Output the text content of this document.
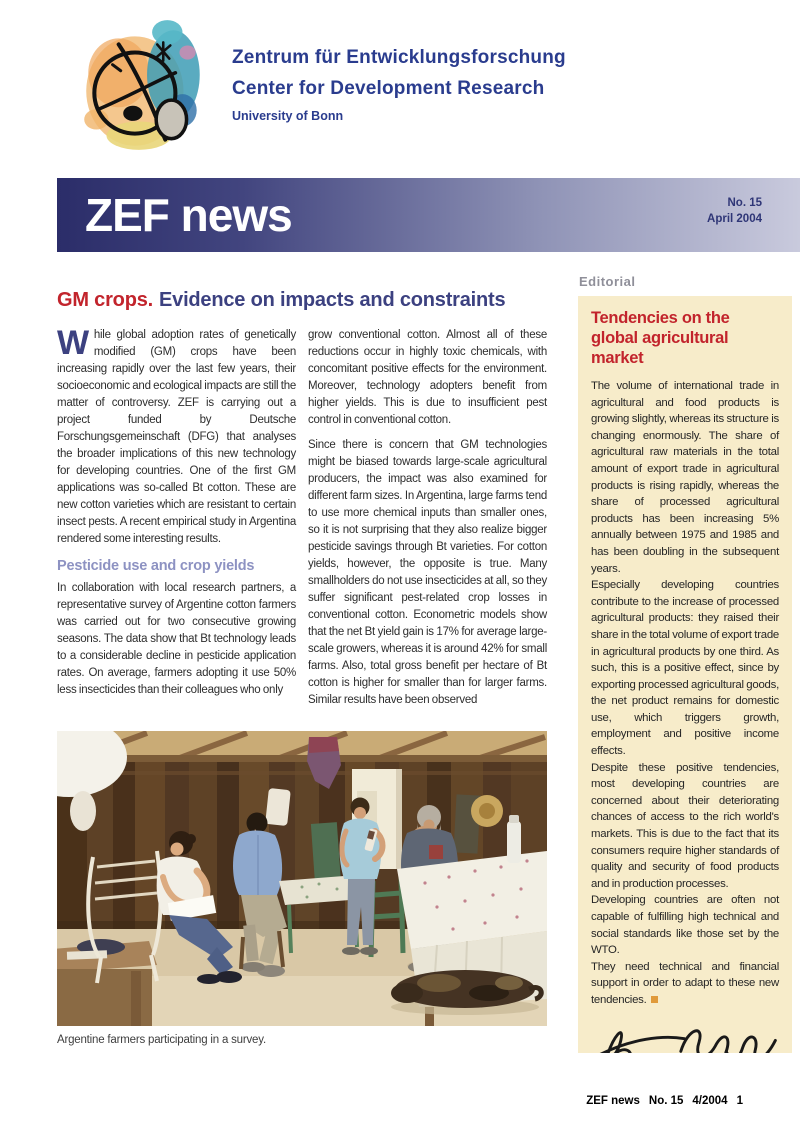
Zentrum für Entwicklungsforschung
Center for Development Research
University of Bonn
ZEF news	No. 15
April 2004
GM crops. Evidence on impacts and constraints

While global adoption rates of genetically modified (GM) crops have been increasing rapidly over the last few years, their socioeconomic and ecological impacts are still the matter of controversy. ZEF is carrying out a project funded by Deutsche Forschungsgemeinschaft (DFG) that analyses the broader implications of this new technology for developing countries. One of the first GM applications was so-called Bt cotton. These are new cotton varieties which are resistant to certain insect pests. A recent empirical study in Argentina rendered some interesting results.

Pesticide use and crop yields

In collaboration with local research partners, a representative survey of Argentine cotton farmers was carried out for two consecutive growing seasons. The data show that Bt technology leads to a considerable decline in pesticide application rates. On average, farmers adopting it use 50% less insecticides than their colleagues who only

grow conventional cotton. Almost all of these reductions occur in highly toxic chemicals, with concomitant positive effects for the environment. Moreover, technology adopters benefit from higher yields. This is due to insufficient pest control in conventional cotton.

Since there is concern that GM technologies might be biased towards large-scale agricultural producers, the impact was also examined for different farm sizes. In Argentina, large farms tend to use more chemical inputs than smaller ones, so it is not surprising that they also realize bigger pesticide savings through Bt varieties. For cotton yields, however, the opposite is true. Many smallholders do not use insecticides at all, so they suffer significant pest-related crop losses in conventional cotton. Econometric models show that the net Bt yield gain is 17% for average large-scale growers, whereas it is around 42% for small farms. Also, total gross benefit per hectare of Bt cotton is higher for smaller than for larger farms. Similar results have been observed

Argentine farmers participating in a survey.
Editorial
Tendencies on the global agricultural market

The volume of international trade in agricultural and food products is growing slightly, whereas its structure is changing enormously. The share of agricultural raw materials in the total amount of export trade in agricultural products is rising rapidly, whereas the share of processed agricultural products has been increasing 5% annually between 1975 and 1985 and has been doubling in the subsequent years.

Especially developing countries contribute to the increase of processed agricultural products: they raised their share in the total volume of export trade in agricultural products by one third. As such, this is a positive effect, since by exporting processed agricultural goods, the net product remains for domestic use, which triggers growth, employment and positive income effects.

Despite these positive tendencies, most developing countries are concerned about their deteriorating chances of access to the rich world's markets. This is due to the fact that its consumers require higher standards of quality and security of food products and in production processes.

Developing countries are often not capable of fulfilling high technical and social standards like those set by the WTO.

They need technical and financial support in order to adapt to these new tendencies.

ZEF news No. 15 4/2004 1
